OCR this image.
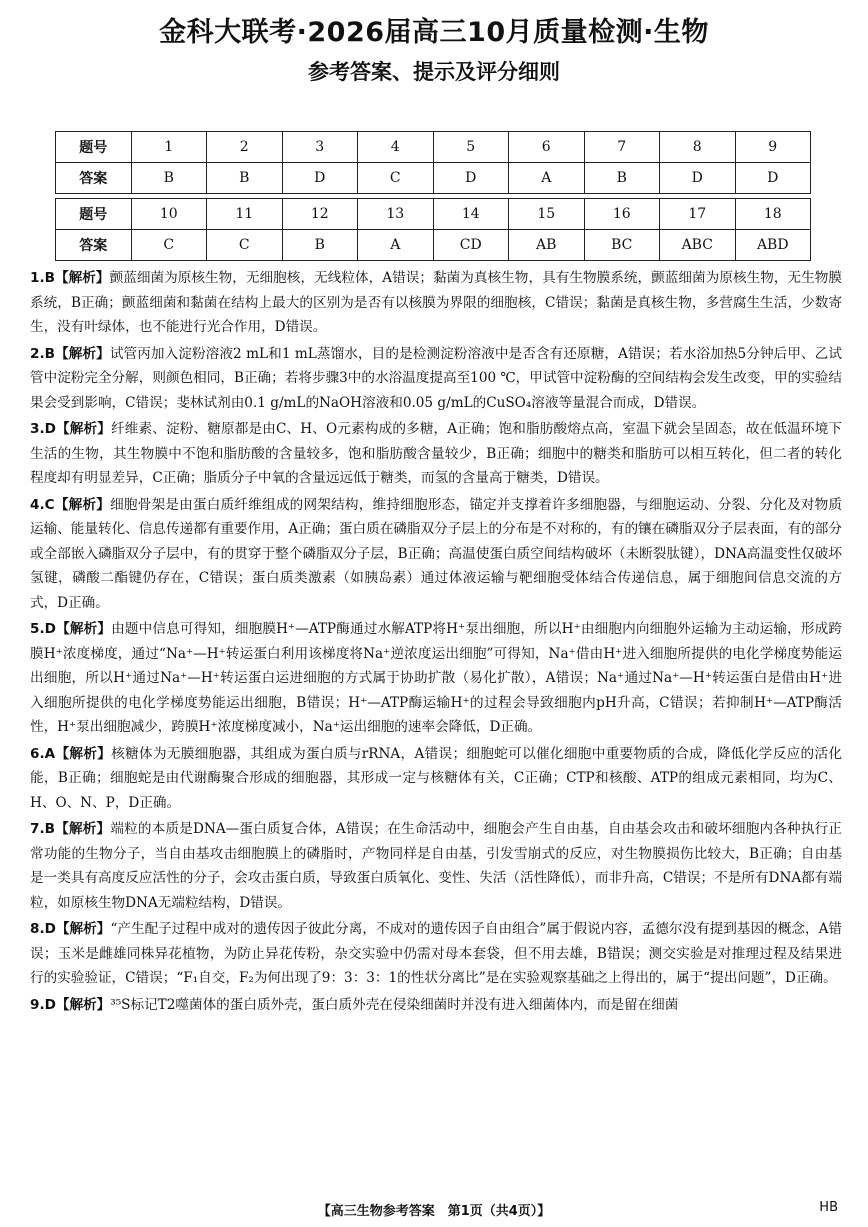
金科大联考·2026届高三10月质量检测·生物
参考答案、提示及评分细则
题号	1	2	3	4	5	6	7	8	9
答案	B	B	D	C	D	A	B	D	D

题号	10	11	12	13	14	15	16	17	18
答案	C	C	B	A	CD	AB	BC	ABC	ABD
1.B【解析】颤蓝细菌为原核生物，无细胞核，无线粒体，A错误；黏菌为真核生物，具有生物膜系统，颤蓝细菌为原核生物，无生物膜系统，B正确；颤蓝细菌和黏菌在结构上最大的区别为是否有以核膜为界限的细胞核，C错误；黏菌是真核生物，多营腐生生活，少数寄生，没有叶绿体，也不能进行光合作用，D错误。
2.B【解析】试管丙加入淀粉溶液2 mL和1 mL蒸馏水，目的是检测淀粉溶液中是否含有还原糖，A错误；若水浴加热5分钟后甲、乙试管中淀粉完全分解，则颜色相同，B正确；若将步骤3中的水浴温度提高至100 ℃，甲试管中淀粉酶的空间结构会发生改变，甲的实验结果会受到影响，C错误；斐林试剂由0.1 g/mL的NaOH溶液和0.05 g/mL的CuSO₄溶液等量混合而成，D错误。
3.D【解析】纤维素、淀粉、糖原都是由C、H、O元素构成的多糖，A正确；饱和脂肪酸熔点高，室温下就会呈固态，故在低温环境下生活的生物，其生物膜中不饱和脂肪酸的含量较多，饱和脂肪酸含量较少，B正确；细胞中的糖类和脂肪可以相互转化，但二者的转化程度却有明显差异，C正确；脂质分子中氧的含量远远低于糖类，而氢的含量高于糖类，D错误。
4.C【解析】细胞骨架是由蛋白质纤维组成的网架结构，维持细胞形态，锚定并支撑着许多细胞器，与细胞运动、分裂、分化及对物质运输、能量转化、信息传递都有重要作用，A正确；蛋白质在磷脂双分子层上的分布是不对称的，有的镶在磷脂双分子层表面，有的部分或全部嵌入磷脂双分子层中，有的贯穿于整个磷脂双分子层，B正确；高温使蛋白质空间结构破坏（未断裂肽键），DNA高温变性仅破坏氢键，磷酸二酯键仍存在，C错误；蛋白质类激素（如胰岛素）通过体液运输与靶细胞受体结合传递信息，属于细胞间信息交流的方式，D正确。
5.D【解析】由题中信息可得知，细胞膜H⁺—ATP酶通过水解ATP将H⁺泵出细胞，所以H⁺由细胞内向细胞外运输为主动运输，形成跨膜H⁺浓度梯度，通过“Na⁺—H⁺转运蛋白利用该梯度将Na⁺逆浓度运出细胞”可得知，Na⁺借由H⁺进入细胞所提供的电化学梯度势能运出细胞，所以H⁺通过Na⁺—H⁺转运蛋白运进细胞的方式属于协助扩散（易化扩散），A错误；Na⁺通过Na⁺—H⁺转运蛋白是借由H⁺进入细胞所提供的电化学梯度势能运出细胞，B错误；H⁺—ATP酶运输H⁺的过程会导致细胞内pH升高，C错误；若抑制H⁺—ATP酶活性，H⁺泵出细胞减少，跨膜H⁺浓度梯度减小，Na⁺运出细胞的速率会降低，D正确。
6.A【解析】核糖体为无膜细胞器，其组成为蛋白质与rRNA，A错误；细胞蛇可以催化细胞中重要物质的合成，降低化学反应的活化能，B正确；细胞蛇是由代谢酶聚合形成的细胞器，其形成一定与核糖体有关，C正确；CTP和核酸、ATP的组成元素相同，均为C、H、O、N、P，D正确。
7.B【解析】端粒的本质是DNA—蛋白质复合体，A错误；在生命活动中，细胞会产生自由基，自由基会攻击和破坏细胞内各种执行正常功能的生物分子，当自由基攻击细胞膜上的磷脂时，产物同样是自由基，引发雪崩式的反应，对生物膜损伤比较大，B正确；自由基是一类具有高度反应活性的分子，会攻击蛋白质，导致蛋白质氧化、变性、失活（活性降低），而非升高，C错误；不是所有DNA都有端粒，如原核生物DNA无端粒结构，D错误。
8.D【解析】“产生配子过程中成对的遗传因子彼此分离，不成对的遗传因子自由组合”属于假说内容，孟德尔没有提到基因的概念，A错误；玉米是雌雄同株异花植物，为防止异花传粉，杂交实验中仍需对母本套袋，但不用去雄，B错误；测交实验是对推理过程及结果进行的实验验证，C错误；“F₁自交，F₂为何出现了9：3：3：1的性状分离比”是在实验观察基础之上得出的，属于“提出问题”，D正确。
9.D【解析】³⁵S标记T2噬菌体的蛋白质外壳，蛋白质外壳在侵染细菌时并没有进入细菌体内，而是留在细菌
【高三生物参考答案　第1页（共4页）】	HB
